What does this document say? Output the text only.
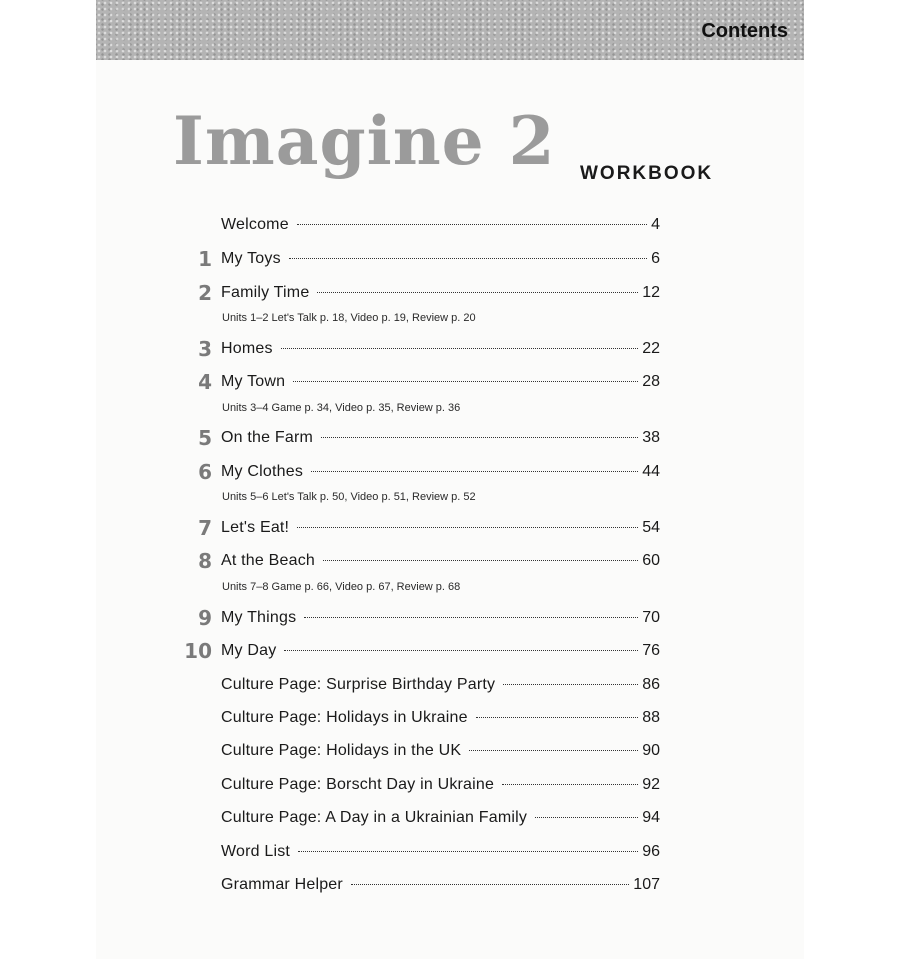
Contents
Imagine 2 WORKBOOK
Welcome	4
1 My Toys	6
2 Family Time	12
Units 1–2 Let's Talk p. 18, Video p. 19, Review p. 20
3 Homes	22
4 My Town	28
Units 3–4 Game p. 34, Video p. 35, Review p. 36
5 On the Farm	38
6 My Clothes	44
Units 5–6 Let's Talk p. 50, Video p. 51, Review p. 52
7 Let's Eat!	54
8 At the Beach	60
Units 7–8 Game p. 66, Video p. 67, Review p. 68
9 My Things	70
10 My Day	76
Culture Page: Surprise Birthday Party	86
Culture Page: Holidays in Ukraine	88
Culture Page: Holidays in the UK	90
Culture Page: Borscht Day in Ukraine	92
Culture Page: A Day in a Ukrainian Family	94
Word List	96
Grammar Helper	107
